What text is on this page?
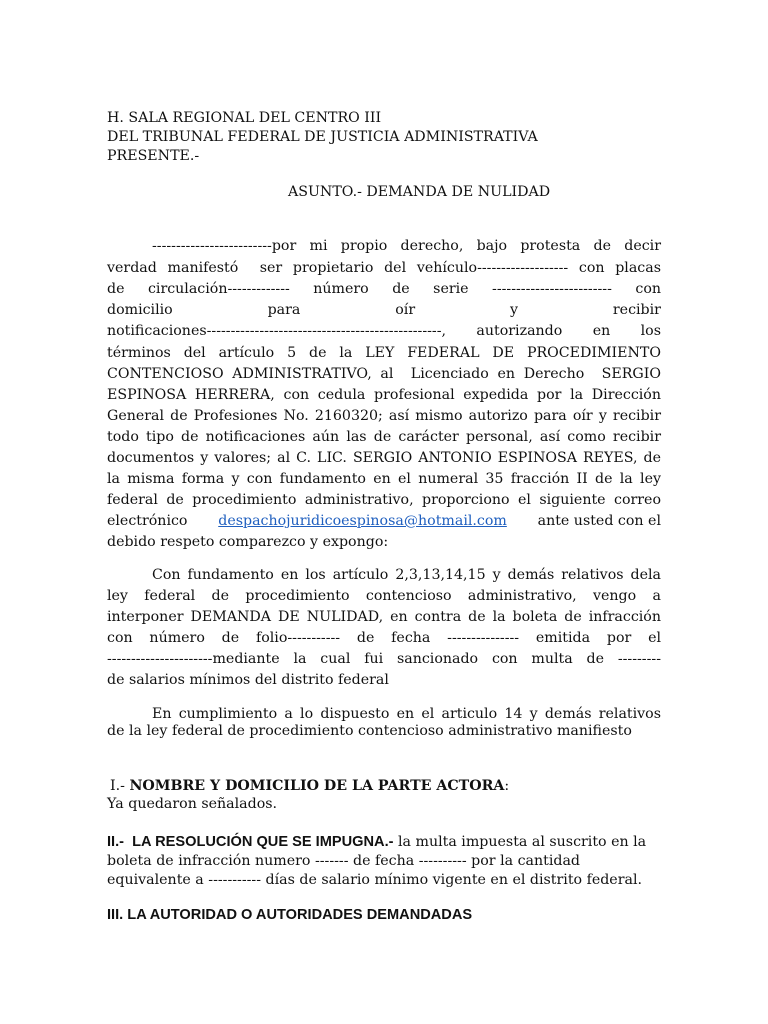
H. SALA REGIONAL DEL CENTRO III
DEL TRIBUNAL FEDERAL DE JUSTICIA ADMINISTRATIVA
PRESENTE.-
ASUNTO.- DEMANDA DE NULIDAD
-------------------------por mi propio derecho, bajo protesta de decir
verdad manifestó  ser propietario del vehículo------------------- con placas
de circulación------------- número de serie ------------------------- con
domicilio	para	oír	y	recibir
notificaciones-------------------------------------------------, autorizando en los
términos del artículo 5 de la LEY FEDERAL DE PROCEDIMIENTO
CONTENCIOSO ADMINISTRATIVO, al  Licenciado en Derecho  SERGIO
ESPINOSA HERRERA, con cedula profesional expedida por la Dirección
General de Profesiones No. 2160320; así mismo autorizo para oír y recibir
todo tipo de notificaciones aún las de carácter personal, así como recibir
documentos y valores; al C. LIC. SERGIO ANTONIO ESPINOSA REYES, de
la misma forma y con fundamento en el numeral 35 fracción II de la ley
federal de procedimiento administrativo, proporciono el siguiente correo
electrónico despachojuridicoespinosa@hotmail.com ante usted con el
debido respeto comparezco y expongo:
Con fundamento en los artículo 2,3,13,14,15 y demás relativos dela
ley federal de procedimiento contencioso administrativo, vengo a
interponer DEMANDA DE NULIDAD, en contra de la boleta de infracción
con número de folio----------- de fecha --------------- emitida por el
----------------------mediante la cual fui sancionado con multa de ---------
de salarios mínimos del distrito federal
En cumplimiento a lo dispuesto en el articulo 14 y demás relativos
de la ley federal de procedimiento contencioso administrativo manifiesto
I.- NOMBRE Y DOMICILIO DE LA PARTE ACTORA:
Ya quedaron señalados.
II.-  LA RESOLUCIÓN QUE SE IMPUGNA.- la multa impuesta al suscrito en la
boleta de infracción numero ------- de fecha ---------- por la cantidad
equivalente a ----------- días de salario mínimo vigente en el distrito federal.
III. LA AUTORIDAD O AUTORIDADES DEMANDADAS
